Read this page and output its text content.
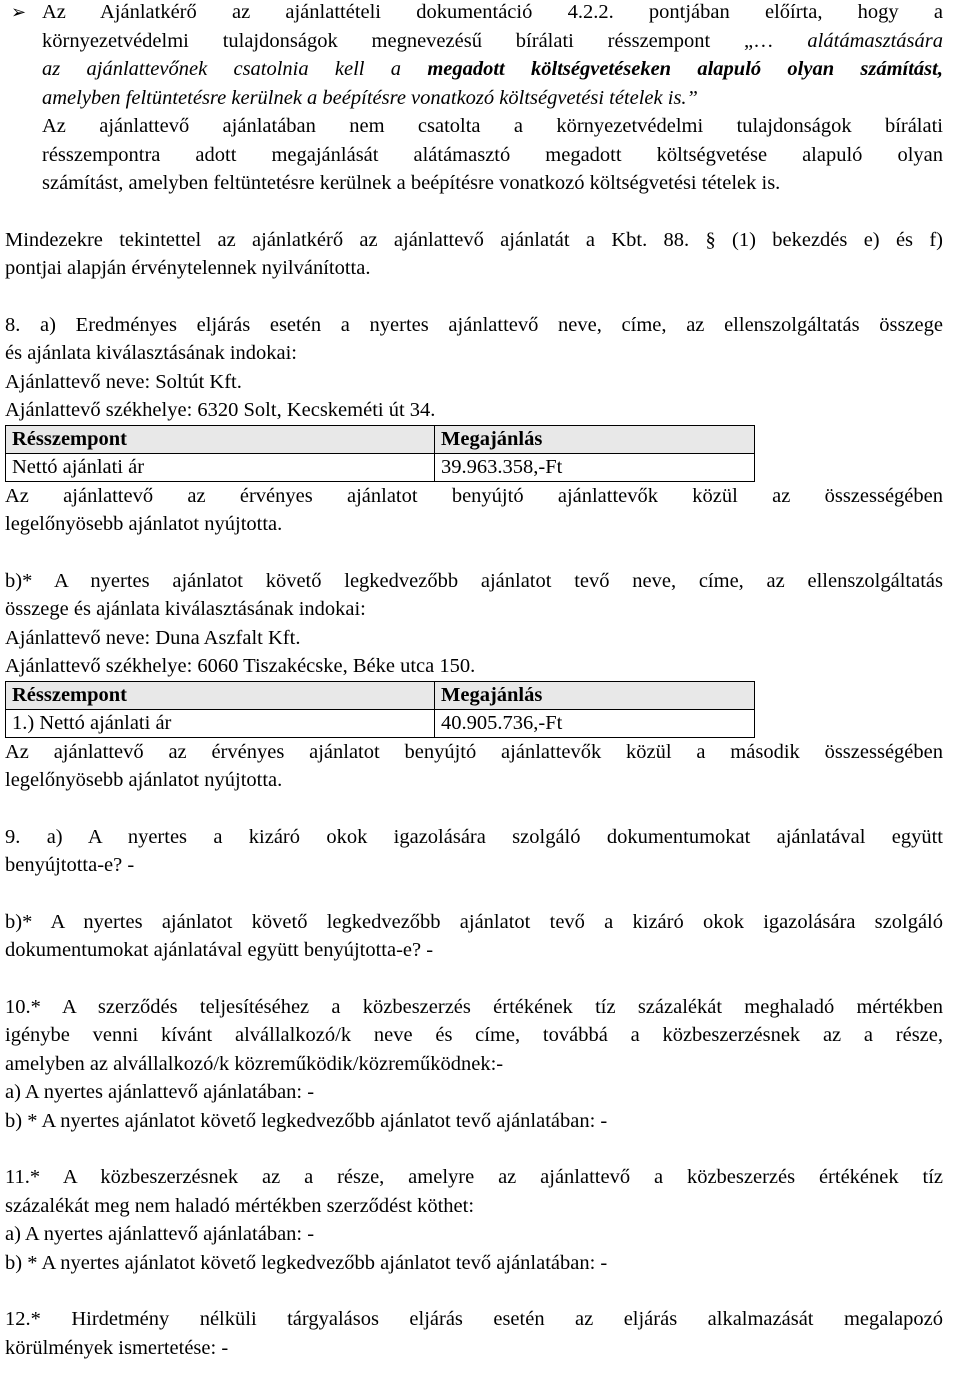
➢ Az Ajánlatkérő az ajánlattételi dokumentáció 4.2.2. pontjában előírta, hogy a

környezetvédelmi tulajdonságok megnevezésű bírálati résszempont „… alátámasztására

az ajánlattevőnek csatolnia kell a megadott költségvetéseken alapuló olyan számítást,

amelyben feltüntetésre kerülnek a beépítésre vonatkozó költségvetési tételek is.”

Az ajánlattevő ajánlatában nem csatolta a környezetvédelmi tulajdonságok bírálati

résszempontra adott megajánlását alátámasztó megadott költségvetése alapuló olyan

számítást, amelyben feltüntetésre kerülnek a beépítésre vonatkozó költségvetési tételek is.

Mindezekre tekintettel az ajánlatkérő az ajánlattevő ajánlatát a Kbt. 88. § (1) bekezdés e) és f)

pontjai alapján érvénytelennek nyilvánította.

8. a) Eredményes eljárás esetén a nyertes ajánlattevő neve, címe, az ellenszolgáltatás összege

és ajánlata kiválasztásának indokai:

Ajánlattevő neve: Soltút Kft.

Ajánlattevő székhelye: 6320 Solt, Kecskeméti út 34.

Résszempont	Megajánlás
Nettó ajánlati ár	39.963.358,-Ft

Az ajánlattevő az érvényes ajánlatot benyújtó ajánlattevők közül az összességében

legelőnyösebb ajánlatot nyújtotta.

b)* A nyertes ajánlatot követő legkedvezőbb ajánlatot tevő neve, címe, az ellenszolgáltatás

összege és ajánlata kiválasztásának indokai:

Ajánlattevő neve: Duna Aszfalt Kft.

Ajánlattevő székhelye: 6060 Tiszakécske, Béke utca 150.

Résszempont	Megajánlás
1.) Nettó ajánlati ár	40.905.736,-Ft

Az ajánlattevő az érvényes ajánlatot benyújtó ajánlattevők közül a második összességében

legelőnyösebb ajánlatot nyújtotta.

9. a) A nyertes a kizáró okok igazolására szolgáló dokumentumokat ajánlatával együtt

benyújtotta-e? -

b)* A nyertes ajánlatot követő legkedvezőbb ajánlatot tevő a kizáró okok igazolására szolgáló

dokumentumokat ajánlatával együtt benyújtotta-e? -

10.* A szerződés teljesítéséhez a közbeszerzés értékének tíz százalékát meghaladó mértékben

igénybe venni kívánt alvállalkozó/k neve és címe, továbbá a közbeszerzésnek az a része,

amelyben az alvállalkozó/k közreműködik/közreműködnek:-

a) A nyertes ajánlattevő ajánlatában: -

b) * A nyertes ajánlatot követő legkedvezőbb ajánlatot tevő ajánlatában: -

11.* A közbeszerzésnek az a része, amelyre az ajánlattevő a közbeszerzés értékének tíz

százalékát meg nem haladó mértékben szerződést köthet:

a) A nyertes ajánlattevő ajánlatában: -

b) * A nyertes ajánlatot követő legkedvezőbb ajánlatot tevő ajánlatában: -

12.* Hirdetmény nélküli tárgyalásos eljárás esetén az eljárás alkalmazását megalapozó

körülmények ismertetése: -
